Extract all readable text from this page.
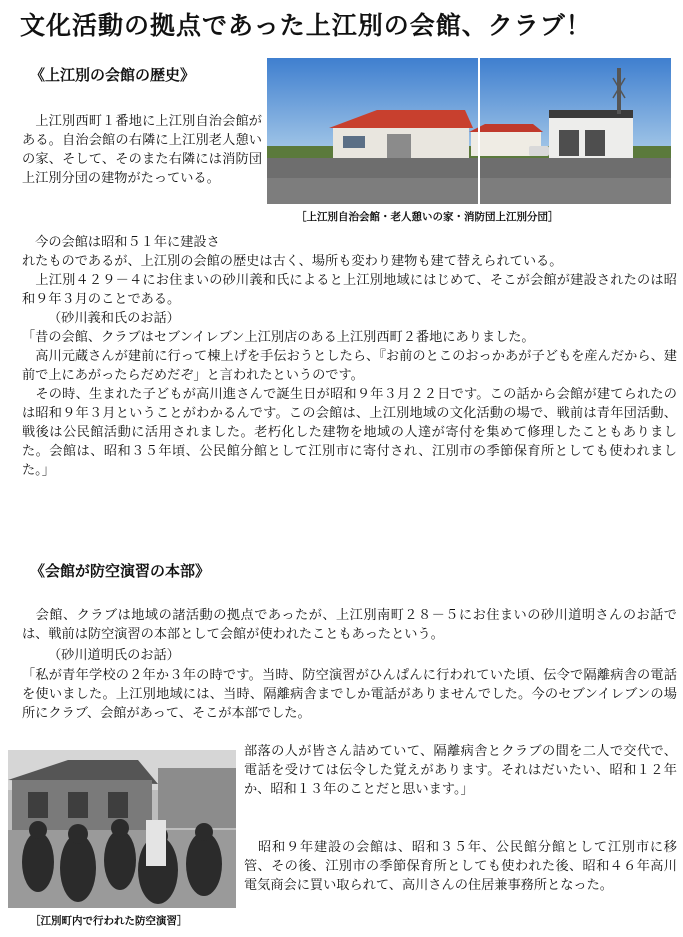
文化活動の拠点であった上江別の会館、クラブ！
《上江別の会館の歴史》
［上江別自治会館・老人憩いの家・消防団上江別分団］
　上江別西町１番地に上江別自治会館がある。自治会館の右隣に上江別老人憩いの家、そして、そのまた右隣には消防団上江別分団の建物がたっている。
　今の会館は昭和５１年に建設さ
れたものであるが、上江別の会館の歴史は古く、場所も変わり建物も建て替えられている。
　上江別４２９－４にお住まいの砂川義和氏によると上江別地域にはじめて、そこが会館が建設されたのは昭和９年３月のことである。
（砂川義和氏のお話）
「昔の会館、クラブはセブンイレブン上江別店のある上江別西町２番地にありました。
　高川元蔵さんが建前に行って棟上げを手伝おうとしたら、『お前のとこのおっかあが子どもを産んだから、建前で上にあがったらだめだぞ」と言われたというのです。
　その時、生まれた子どもが高川進さんで誕生日が昭和９年３月２２日です。この話から会館が建てられたのは昭和９年３月ということがわかるんです。この会館は、上江別地域の文化活動の場で、戦前は青年団活動、戦後は公民館活動に活用されました。老朽化した建物を地域の人達が寄付を集めて修理したこともありました。会館は、昭和３５年頃、公民館分館として江別市に寄付され、江別市の季節保育所としても使われました。」
《会館が防空演習の本部》
　会館、クラブは地域の諸活動の拠点であったが、上江別南町２８－５にお住まいの砂川道明さんのお話では、戦前は防空演習の本部として会館が使われたこともあったという。
（砂川道明氏のお話）
「私が青年学校の２年か３年の時です。当時、防空演習がひんぱんに行われていた頃、伝令で隔離病舎の電話を使いました。上江別地域には、当時、隔離病舎までしか電話がありませんでした。今のセブンイレブンの場所にクラブ、会館があって、そこが本部でした。
部落の人が皆さん詰めていて、隔離病舎とクラブの間を二人で交代で、電話を受けては伝令した覚えがあります。それはだいたい、昭和１２年か、昭和１３年のことだと思います。」
　昭和９年建設の会館は、昭和３５年、公民館分館として江別市に移管、その後、江別市の季節保育所としても使われた後、昭和４６年高川電気商会に買い取られて、高川さんの住居兼事務所となった。
［江別町内で行われた防空演習］
